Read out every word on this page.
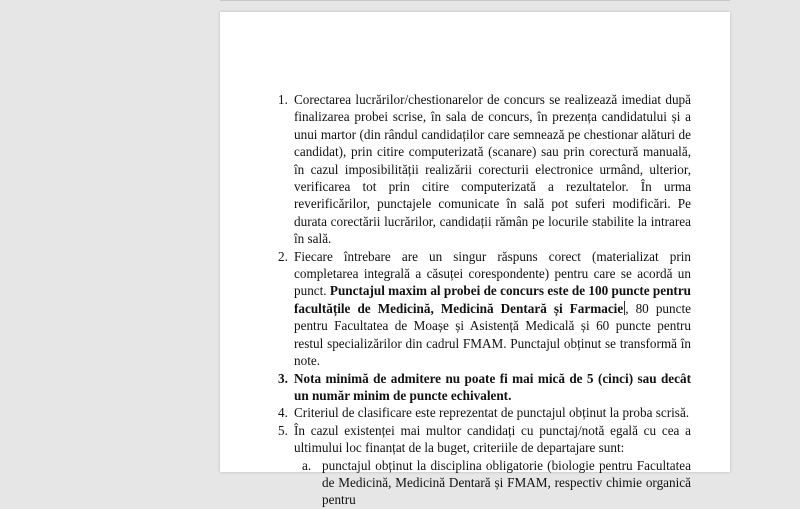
1. Corectarea lucrărilor/chestionarelor de concurs se realizează imediat după finalizarea probei scrise, în sala de concurs, în prezența candidatului și a unui martor (din rândul candidaților care semnează pe chestionar alături de candidat), prin citire computerizată (scanare) sau prin corectură manuală, în cazul imposibilității realizării corecturii electronice urmând, ulterior, verificarea tot prin citire computerizată a rezultatelor. În urma reverificărilor, punctajele comunicate în sală pot suferi modificări. Pe durata corectării lucrărilor, candidații rămân pe locurile stabilite la intrarea în sală.

2. Fiecare întrebare are un singur răspuns corect (materializat prin completarea integrală a căsuței corespondente) pentru care se acordă un punct. Punctajul maxim al probei de concurs este de 100 puncte pentru facultățile de Medicină, Medicină Dentară și Farmacie , 80 puncte pentru Facultatea de Moașe și Asistență Medicală și 60 puncte pentru restul specializărilor din cadrul FMAM. Punctajul obținut se transformă în note.

3. Nota minimă de admitere nu poate fi mai mică de 5 (cinci) sau decât un număr minim de puncte echivalent.

4. Criteriul de clasificare este reprezentat de punctajul obținut la proba scrisă.

5. În cazul existenței mai multor candidați cu punctaj/notă egală cu cea a ultimului loc finanțat de la buget, criteriile de departajare sunt:

a. punctajul obținut la disciplina obligatorie (biologie pentru Facultatea de Medicină, Medicină Dentară și FMAM, respectiv chimie organică pentru
